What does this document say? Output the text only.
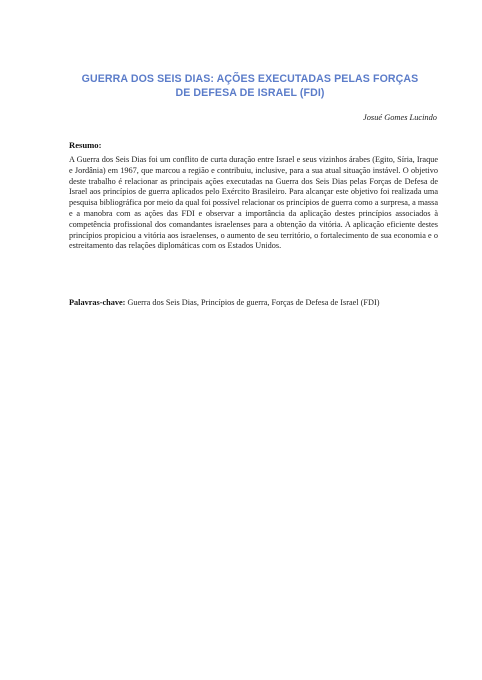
GUERRA DOS SEIS DIAS: AÇÕES EXECUTADAS PELAS FORÇAS
DE DEFESA DE ISRAEL (FDI)
Josué Gomes Lucindo
Resumo:

A Guerra dos Seis Dias foi um conflito de curta duração entre Israel e seus vizinhos árabes (Egito, Síria, Iraque e Jordânia) em 1967, que marcou a região e contribuiu, inclusive, para a sua atual situação instável. O objetivo deste trabalho é relacionar as principais ações executadas na Guerra dos Seis Dias pelas Forças de Defesa de Israel aos princípios de guerra aplicados pelo Exército Brasileiro. Para alcançar este objetivo foi realizada uma pesquisa bibliográfica por meio da qual foi possível relacionar os princípios de guerra como a surpresa, a massa e a manobra com as ações das FDI e observar a importância da aplicação destes princípios associados à competência profissional dos comandantes israelenses para a obtenção da vitória. A aplicação eficiente destes princípios propiciou a vitória aos israelenses, o aumento de seu território, o fortalecimento de sua economia e o estreitamento das relações diplomáticas com os Estados Unidos.

Palavras-chave: Guerra dos Seis Dias, Princípios de guerra, Forças de Defesa de Israel (FDI)
